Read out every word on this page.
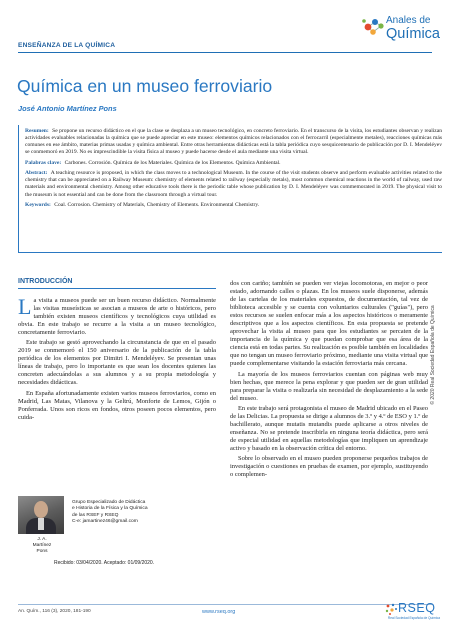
ENSEÑANZA DE LA QUÍMICA
Anales de
Química
Química en un museo ferroviario
José Antonio Martínez Pons

Resumen: Se propone un recurso didáctico en el que la clase se desplaza a un museo tecnológico, en concreto ferroviario. En el transcurso de la visita, los estudiantes observan y realizan actividades evaluables relacionadas la química que se puede apreciar en este museo: elementos químicos relacionados con el ferrocarril (especialmente metales), reacciones químicas más comunes en ese ámbito, materias primas usadas y química ambiental. Entre otras herramientas didácticas está la tabla periódica cuyo sesquicentenario de publicación por D. I. Mendeléyev se conmemoró en 2019. No es imprescindible la visita física al museo y puede hacerse desde el aula mediante una visita virtual.

Palabras clave: Carbones. Corrosión. Química de los Materiales. Química de los Elementos. Química Ambiental.

Abstract: A teaching resource is proposed, in which the class moves to a technological Museum. In the course of the visit students observe and perform evaluable activities related to the chemistry that can be appreciated on a Railway Museum: chemistry of elements related to railway (especially metals), most common chemical reactions in the world of railway, used raw materials and environmental chemistry. Among other educative tools there is the periodic table whose publication by D. I. Mendeléyev was commemorated in 2019. The physical visit to the museum is not essential and can be done from the classroom through a virtual tour.

Keywords: Coal. Corrosion. Chemistry of Materials, Chemistry of Elements. Environmental Chemistry.

© 2020 Real Sociedad Española de Química
INTRODUCCIÓN

La visita a museos puede ser un buen recurso didáctico. Normalmente las visitas museísticas se asocian a museos de arte o históricos, pero también existen museos científicos y tecnológicos cuya utilidad es obvia. En este trabajo se recurre a la visita a un museo tecnológico, concretamente ferroviario.

Este trabajo se gestó aprovechando la circunstancia de que en el pasado 2019 se conmemoró el 150 aniversario de la publicación de la tabla periódica de los elementos por Dimitri I. Mendeléyev. Se presentan unas líneas de trabajo, pero lo importante es que sean los docentes quienes las concreten adecuándolas a sus alumnos y a su propia metodología y necesidades didácticas.

En España afortunadamente existen varios museos ferroviarios, como en Madrid, Las Matas, Vilanova y la Geltrú, Monforte de Lemos, Gijón o Ponferrada. Unos son ricos en fondos, otros poseen pocos elementos, pero cuida-

dos con cariño; también se pueden ver viejas locomotoras, en mejor o peor estado, adornando calles o plazas. En los museos suele disponerse, además de las cartelas de los materiales expuestos, de documentación, tal vez de biblioteca accesible y se cuenta con voluntarios culturales ("guías"), pero estos recursos se suelen enfocar más a los aspectos históricos o meramente descriptivos que a los aspectos científicos. En esta propuesta se pretende aprovechar la visita al museo para que los estudiantes se percaten de la importancia de la química y que puedan comprobar que esa área de la ciencia está en todas partes. Su realización es posible también en localidades que no tengan un museo ferroviario próximo, mediante una visita virtual que puede complementarse visitando la estación ferroviaria más cercana.

La mayoría de los museos ferroviarios cuentan con páginas web muy bien hechas, que merece la pena explorar y que pueden ser de gran utilidad para preparar la visita o realizarla sin necesidad de desplazamiento a la sede del museo.

En este trabajo será protagonista el museo de Madrid ubicado en el Paseo de las Delicias. La propuesta se dirige a alumnos de 3.º y 4.º de ESO y 1.º de bachillerato, aunque mutatis mutandis puede aplicarse a otros niveles de enseñanza. No se pretende inscribirla en ninguna teoría didáctica, pero será de especial utilidad en aquellas metodologías que impliquen un aprendizaje activo y basado en la observación crítica del entorno.

Sobre lo observado en el museo pueden proponerse pequeños trabajos de investigación o cuestiones en pruebas de examen, por ejemplo, sustituyendo o complemen-

J. A. Martínez
Pons
Grupo Especializado de Didáctica
e Historia de la Física y la Química
de las RSEF y RSEQ
C-e: jamartinez46@gmail.com
Recibido: 03/04/2020. Aceptado: 01/09/2020.
An. Quím., 116 (3), 2020, 181-190	www.rseq.org	RSEQ
Real Sociedad Española de Química
